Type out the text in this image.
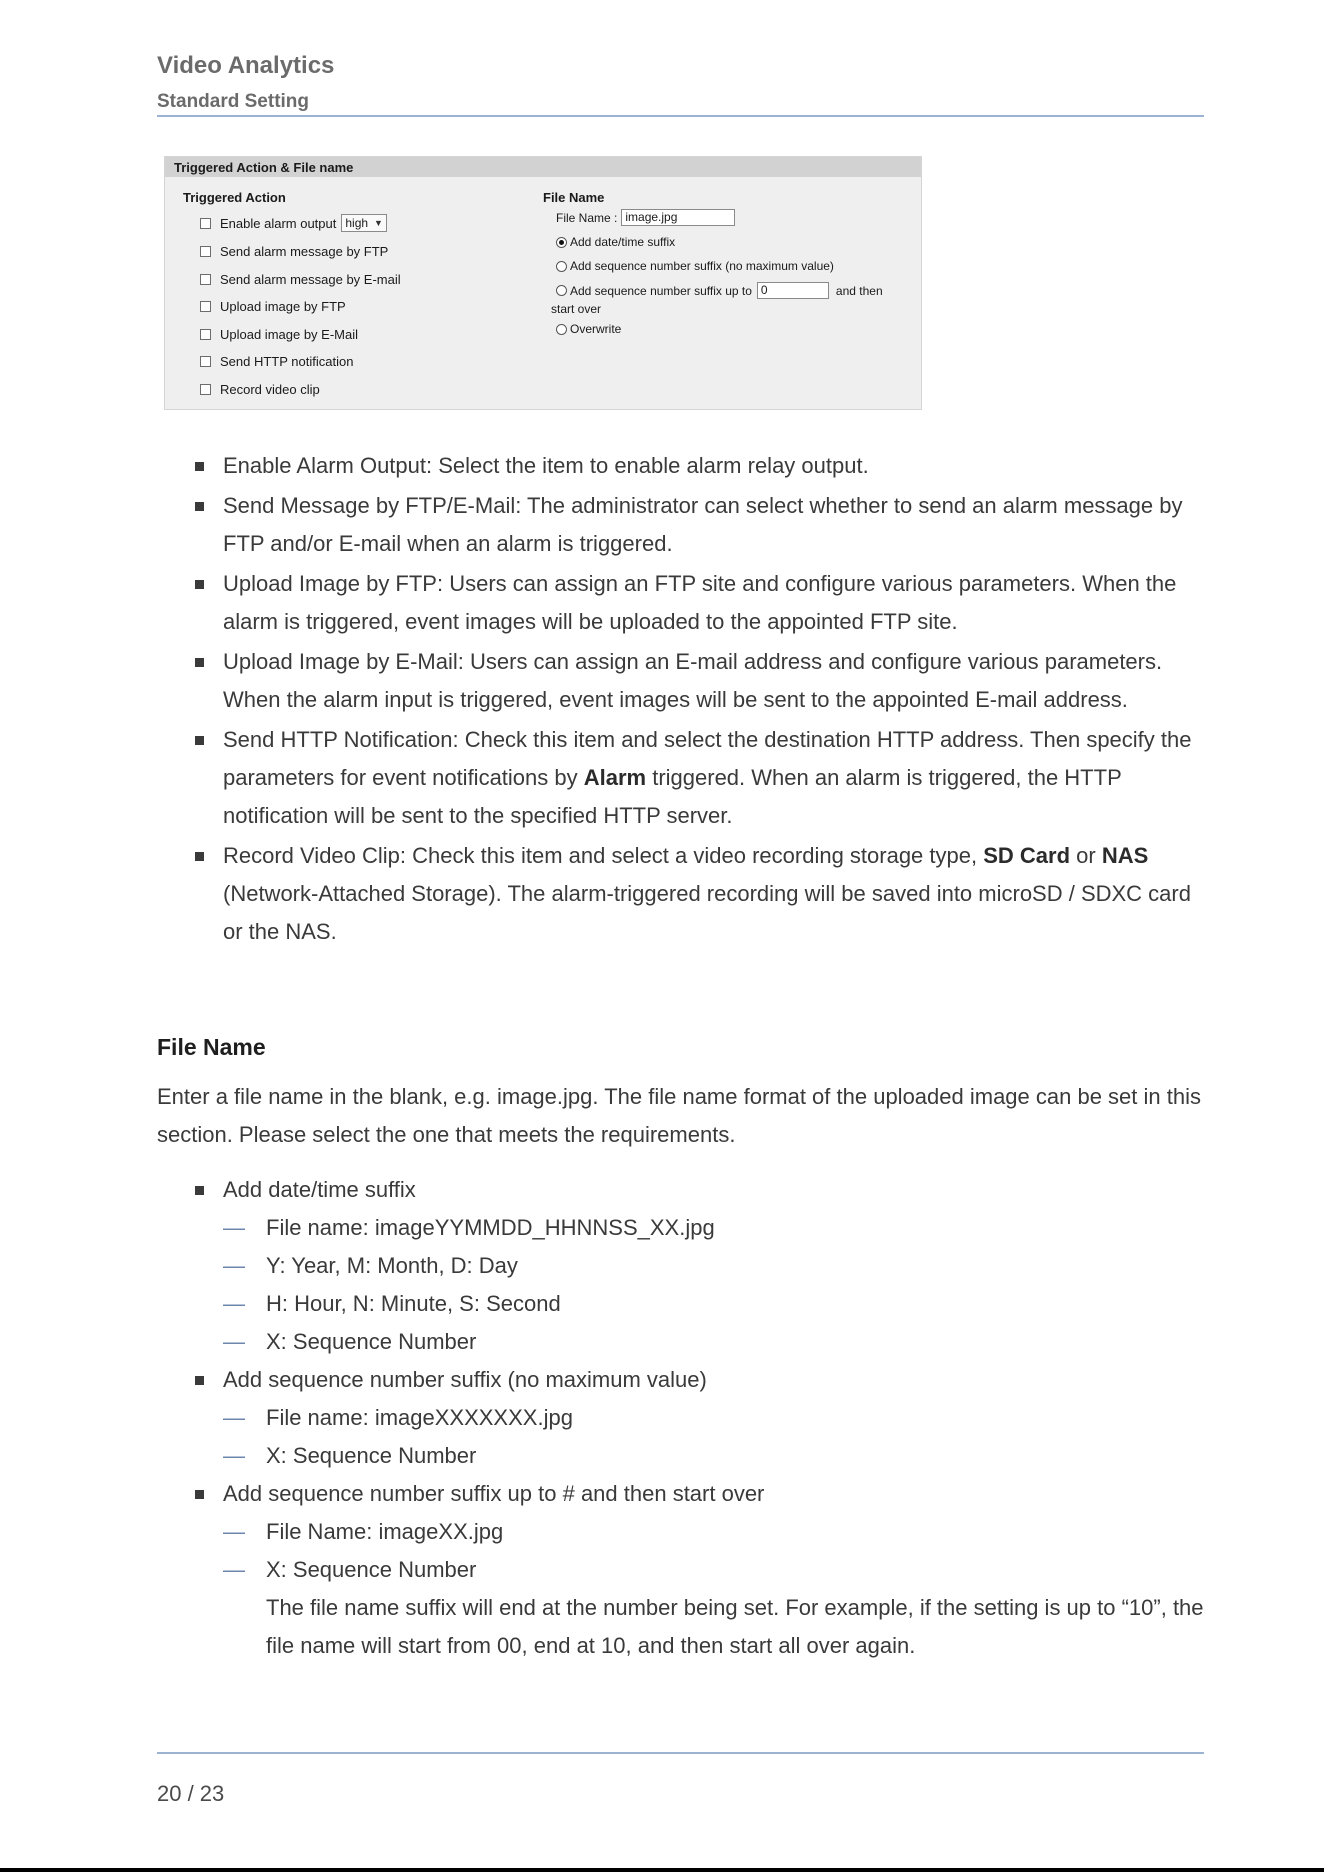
Video Analytics
Standard Setting
Triggered Action & File name
Triggered Action
Enable alarm output high ▼
Send alarm message by FTP
Send alarm message by E-mail
Upload image by FTP
Upload image by E-Mail
Send HTTP notification
Record video clip
File Name
File Name : image.jpg
Add date/time suffix
Add sequence number suffix (no maximum value)
Add sequence number suffix up to 0	and then
start over
Overwrite
Enable Alarm Output: Select the item to enable alarm relay output.
Send Message by FTP/E-Mail: The administrator can select whether to send an alarm message by FTP and/or E-mail when an alarm is triggered.
Upload Image by FTP: Users can assign an FTP site and configure various parameters. When the alarm is triggered, event images will be uploaded to the appointed FTP site.
Upload Image by E-Mail: Users can assign an E-mail address and configure various parameters. When the alarm input is triggered, event images will be sent to the appointed E-mail address.
Send HTTP Notification: Check this item and select the destination HTTP address. Then specify the parameters for event notifications by Alarm triggered. When an alarm is triggered, the HTTP notification will be sent to the specified HTTP server.
Record Video Clip: Check this item and select a video recording storage type, SD Card or NAS (Network-Attached Storage). The alarm-triggered recording will be saved into microSD / SDXC card or the NAS.
File Name
Enter a file name in the blank, e.g. image.jpg. The file name format of the uploaded image can be set in this section. Please select the one that meets the requirements.
Add date/time suffix
— File name: imageYYMMDD_HHNNSS_XX.jpg
— Y: Year, M: Month, D: Day
— H: Hour, N: Minute, S: Second
— X: Sequence Number
Add sequence number suffix (no maximum value)
— File name: imageXXXXXXX.jpg
— X: Sequence Number
Add sequence number suffix up to # and then start over
— File Name: imageXX.jpg
— X: Sequence Number
The file name suffix will end at the number being set. For example, if the setting is up to “10”, the file name will start from 00, end at 10, and then start all over again.
20 / 23
